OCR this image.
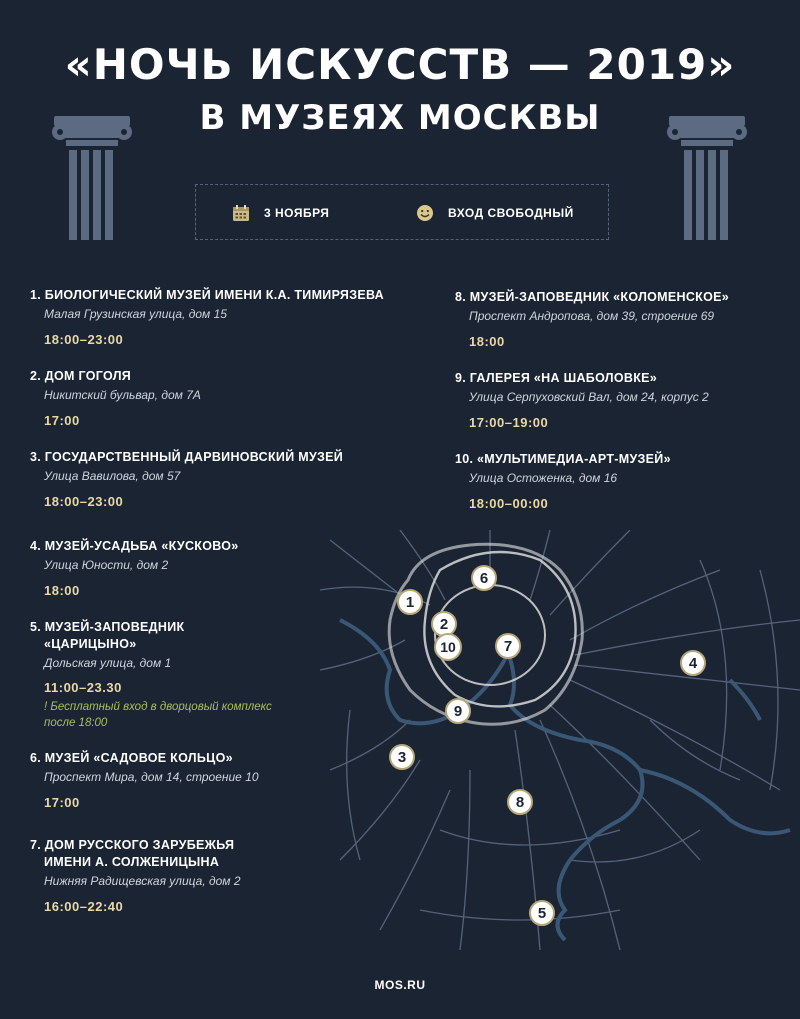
«НОЧЬ ИСКУССТВ — 2019»
В МУЗЕЯХ МОСКВЫ
3 НОЯБРЯ	ВХОД СВОБОДНЫЙ
1. БИОЛОГИЧЕСКИЙ МУЗЕЙ ИМЕНИ К.А. ТИМИРЯЗЕВА
Малая Грузинская улица, дом 15
18:00–23:00
2. ДОМ ГОГОЛЯ
Никитский бульвар, дом 7А
17:00
3. ГОСУДАРСТВЕННЫЙ ДАРВИНОВСКИЙ МУЗЕЙ
Улица Вавилова, дом 57
18:00–23:00
4. МУЗЕЙ-УСАДЬБА «КУСКОВО»
Улица Юности, дом 2
18:00
5. МУЗЕЙ-ЗАПОВЕДНИК
«ЦАРИЦЫНО»
Дольская улица, дом 1
11:00–23.30
! Бесплатный вход в дворцовый комплекс после 18:00
6. МУЗЕЙ «САДОВОЕ КОЛЬЦО»
Проспект Мира, дом 14, строение 10
17:00
7. ДОМ РУССКОГО ЗАРУБЕЖЬЯ
ИМЕНИ А. СОЛЖЕНИЦЫНА
Нижняя Радищевская улица, дом 2
16:00–22:40
8. МУЗЕЙ-ЗАПОВЕДНИК «КОЛОМЕНСКОЕ»
Проспект Андропова, дом 39, строение 69
18:00
9. ГАЛЕРЕЯ «НА ШАБОЛОВКЕ»
Улица Серпуховский Вал, дом 24, корпус 2
17:00–19:00
10. «МУЛЬТИМЕДИА-АРТ-МУЗЕЙ»
Улица Остоженка, дом 16
18:00–00:00
1
2
10
6
7
9
3
4
8
5
MOS.RU
